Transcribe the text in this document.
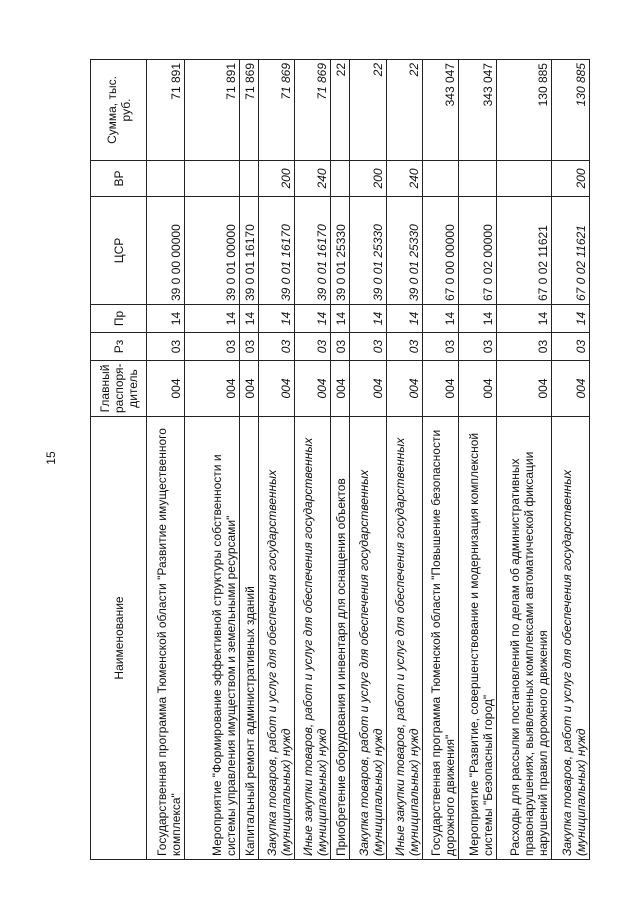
15
Наименование	Главный распоря-дитель	Рз	Пр	ЦСР	ВР	Сумма, тыс. руб.
Государственная программа Тюменской области "Развитие имущественного комплекса"	004	03	14	39 0 00 00000		71 891
Мероприятие "Формирование эффективной структуры собственности и системы управления имуществом и земельными ресурсами"	004	03	14	39 0 01 00000		71 891
Капитальный ремонт административных зданий	004	03	14	39 0 01 16170		71 869
Закупка товаров, работ и услуг для обеспечения государственных (муниципальных) нужд	004	03	14	39 0 01 16170	200	71 869
Иные закупки товаров, работ и услуг для обеспечения государственных (муниципальных) нужд	004	03	14	39 0 01 16170	240	71 869
Приобретение оборудования и инвентаря для оснащения объектов	004	03	14	39 0 01 25330		22
Закупка товаров, работ и услуг для обеспечения государственных (муниципальных) нужд	004	03	14	39 0 01 25330	200	22
Иные закупки товаров, работ и услуг для обеспечения государственных (муниципальных) нужд	004	03	14	39 0 01 25330	240	22
Государственная программа Тюменской области "Повышение безопасности дорожного движения"	004	03	14	67 0 00 00000		343 047
Мероприятие "Развитие, совершенствование и модернизация комплексной системы "Безопасный город"	004	03	14	67 0 02 00000		343 047
Расходы для рассылки постановлений по делам об административных правонарушениях, выявленных комплексами автоматической фиксации нарушений правил дорожного движения	004	03	14	67 0 02 11621		130 885
Закупка товаров, работ и услуг для обеспечения государственных (муниципальных) нужд	004	03	14	67 0 02 11621	200	130 885
